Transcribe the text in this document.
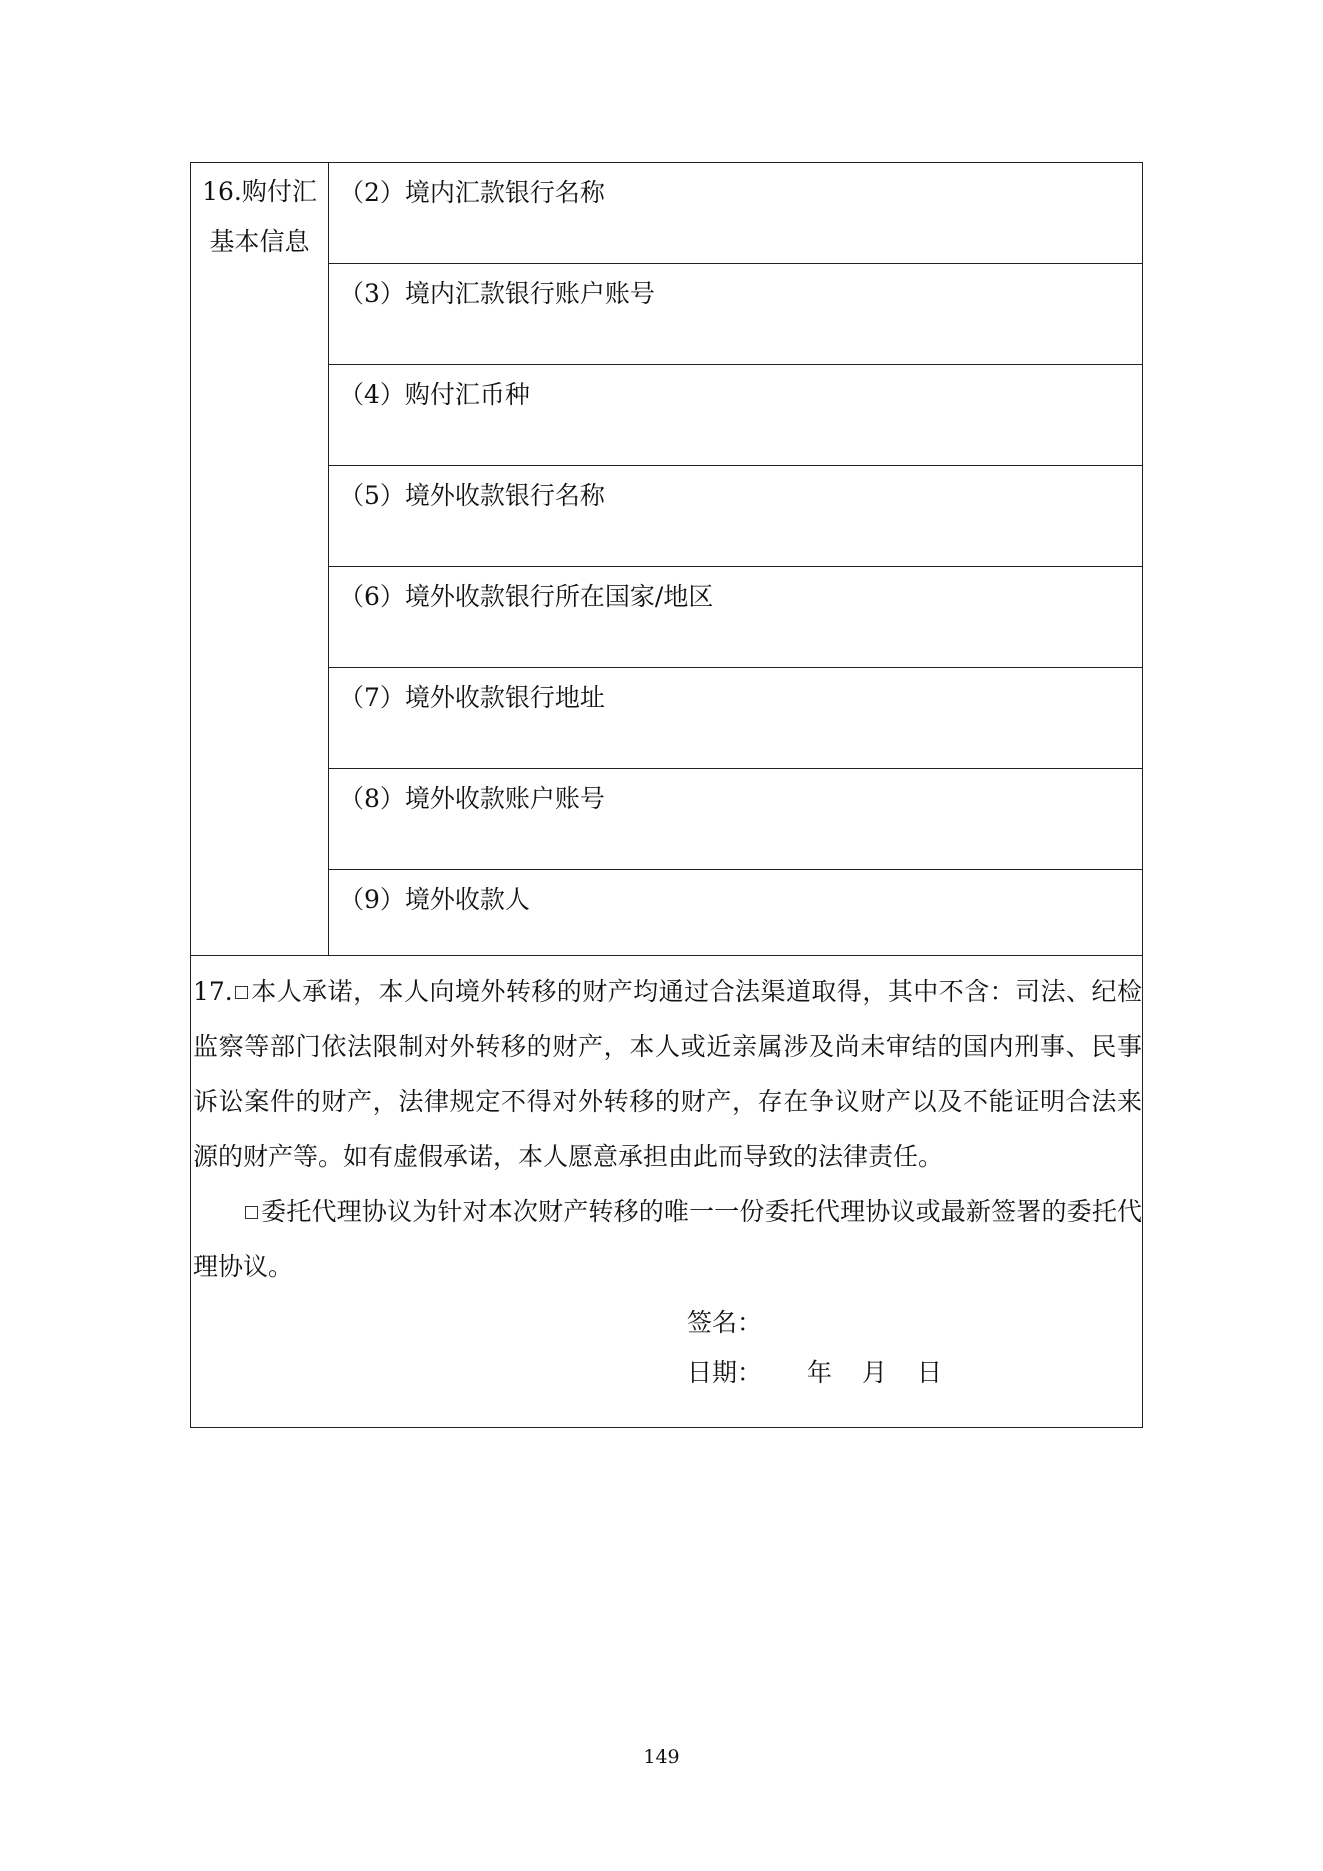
16.购付汇
基本信息
	（2）境内汇款银行名称
（3）境内汇款银行账户账号
（4）购付汇币种
（5）境外收款银行名称
（6）境外收款银行所在国家/地区
（7）境外收款银行地址
（8）境外收款账户账号
（9）境外收款人

17. 本人承诺，本人向境外转移的财产均通过合法渠道取得，其中不含：司法、纪检监察等部门依法限制对外转移的财产，本人或近亲属涉及尚未审结的国内刑事、民事诉讼案件的财产，法律规定不得对外转移的财产，存在争议财产以及不能证明合法来源的财产等。如有虚假承诺，本人愿意承担由此而导致的法律责任。

委托代理协议为针对本次财产转移的唯一一份委托代理协议或最新签署的委托代理协议。

签名：
日期： 年 月 日
149
